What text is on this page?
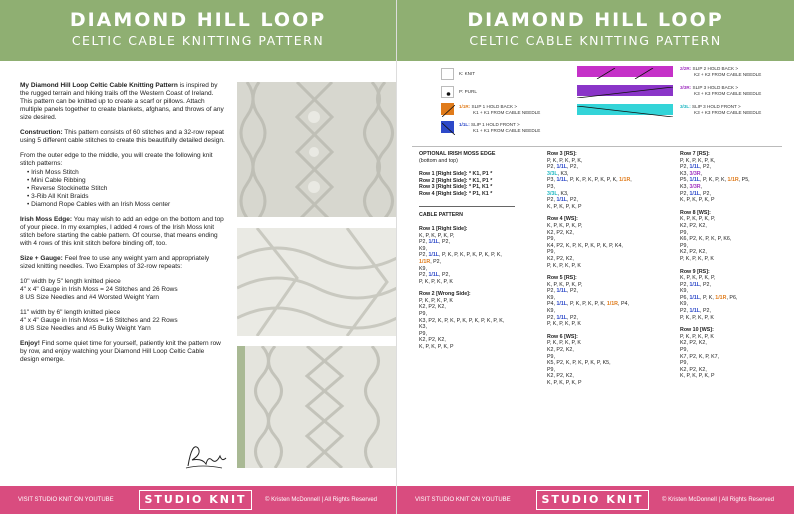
DIAMOND HILL LOOP
CELTIC CABLE KNITTING PATTERN

My Diamond Hill Loop Celtic Cable Knitting Pattern is inspired by the rugged terrain and hiking trails off the Western Coast of Ireland. This pattern can be knitted up to create a scarf or pillows. Attach multiple panels together to create blankets, afghans, and throws of any size desired.

Construction: This pattern consists of 60 stitches and a 32-row repeat using 5 different cable stitches to create this beautifully detailed design.

From the outer edge to the middle, you will create the following knit stitch patterns:

• Irish Moss Stitch
• Mini Cable Ribbing
• Reverse Stockinette Stitch
• 3-Rib All Knit Braids
• Diamond Rope Cables with an Irish Moss center

Irish Moss Edge: You may wish to add an edge on the bottom and top of your piece. In my examples, I added 4 rows of the Irish Moss knit stitch before starting the cable pattern. Of course, that means ending with 4 rows of this knit stitch before binding off, too.

Size + Gauge: Feel free to use any weight yarn and appropriately sized knitting needles. Two Examples of 32-row repeats:

10" width by 5" length knitted piece
4" x 4" Gauge in Irish Moss = 24 Stitches and 26 Rows
8 US Size Needles and #4 Worsted Weight Yarn

11" width by 6" length knitted piece
4" x 4" Gauge in Irish Moss = 16 Stitches and 22 Rows
8 US Size Needles and #5 Bulky Weight Yarn

Enjoy! Find some quiet time for yourself, patiently knit the pattern row by row, and enjoy watching your Diamond Hill Loop Celtic Cable design emerge.

VISIT STUDIO KNIT ON YOUTUBE	STUDIO KNIT	© Kristen McDonnell | All Rights Reserved
DIAMOND HILL LOOP
CELTIC CABLE KNITTING PATTERN
K: KNIT
P: PURL
1/1R: SLIP 1 HOLD BACK >
K1 + K1 FROM CABLE NEEDLE
1/1L: SLIP 1 HOLD FRONT >
K1 + K1 FROM CABLE NEEDLE
2/2R: SLIP 2 HOLD BACK >
K2 + K2 FROM CABLE NEEDLE
3/3R: SLIP 3 HOLD BACK >
K3 + K3 FROM CABLE NEEDLE
3/3L: SLIP 3 HOLD FRONT >
K3 + K3 FROM CABLE NEEDLE
OPTIONAL IRISH MOSS EDGE
(bottom and top)
Row 1 [Right Side]: * K1, P1 *
Row 2 [Right Side]: * K1, P1 *
Row 3 [Right Side]: * P1, K1 *
Row 4 [Right Side]: * P1, K1 *
CABLE PATTERN
Row 1 [Right Side]:
K, P, K, P, K, P,
P2, 1/1L, P2,
K9,
P2, 1/1L, P, K, P, K, P, K, P, K, P, K,
1/1R, P2,
K9,
P2, 1/1L, P2,
P, K, P, K, P, K
Row 2 [Wrong Side]:
P, K, P, K, P, K
K2, P2, K2,
P9,
K3, P2, K, P, K, P, K, P, K, P, K, P, K,
K3,
P9,
K2, P2, K2,
K, P, K, P, K, P
Row 3 [RS]:
P, K, P, K, P, K,
P2, 1/1L, P2,
3/3L, K3,
P3, 1/1L, P, K, P, K, P, K, P, K, 1/1R,
P3,
3/3L, K3,
P2, 1/1L, P2,
K, P, K, P, K, P
Row 4 [WS]:
K, P, K, P, K, P,
K2, P2, K2,
P9,
K4, P2, K, P, K, P, K, P, K, P, K4,
P9,
K2, P2, K2,
P, K, P, K, P, K
Row 5 [RS]:
K, P, K, P, K, P,
P2, 1/1L, P2,
K9,
P4, 1/1L, P, K, P, K, P, K, 1/1R, P4,
K9,
P2, 1/1L, P2,
P, K, P, K, P, K
Row 6 [WS]:
P, K, P, K, P, K
K2, P2, K2,
P9,
K5, P2, K, P, K, P, K, P, K5,
P9,
K2, P2, K2,
K, P, K, P, K, P
Row 7 [RS]:
P, K, P, K, P, K,
P2, 1/1L, P2,
K3, 3/3R,
P5, 1/1L, P, K, P, K, 1/1R, P5,
K3, 3/3R,
P2, 1/1L, P2,
K, P, K, P, K, P
Row 8 [WS]:
K, P, K, P, K, P,
K2, P2, K2,
P9,
K6, P2, K, P, K, P, K6,
P9,
K2, P2, K2,
P, K, P, K, P, K
Row 9 [RS]:
K, P, K, P, K, P,
P2, 1/1L, P2,
K9,
P6, 1/1L, P, K, 1/1R, P6,
K9,
P2, 1/1L, P2,
P, K, P, K, P, K
Row 10 [WS]:
P, K, P, K, P, K
K2, P2, K2,
P9,
K7, P2, K, P, K7,
P9,
K2, P2, K2,
K, P, K, P, K, P
VISIT STUDIO KNIT ON YOUTUBE	STUDIO KNIT	© Kristen McDonnell | All Rights Reserved
